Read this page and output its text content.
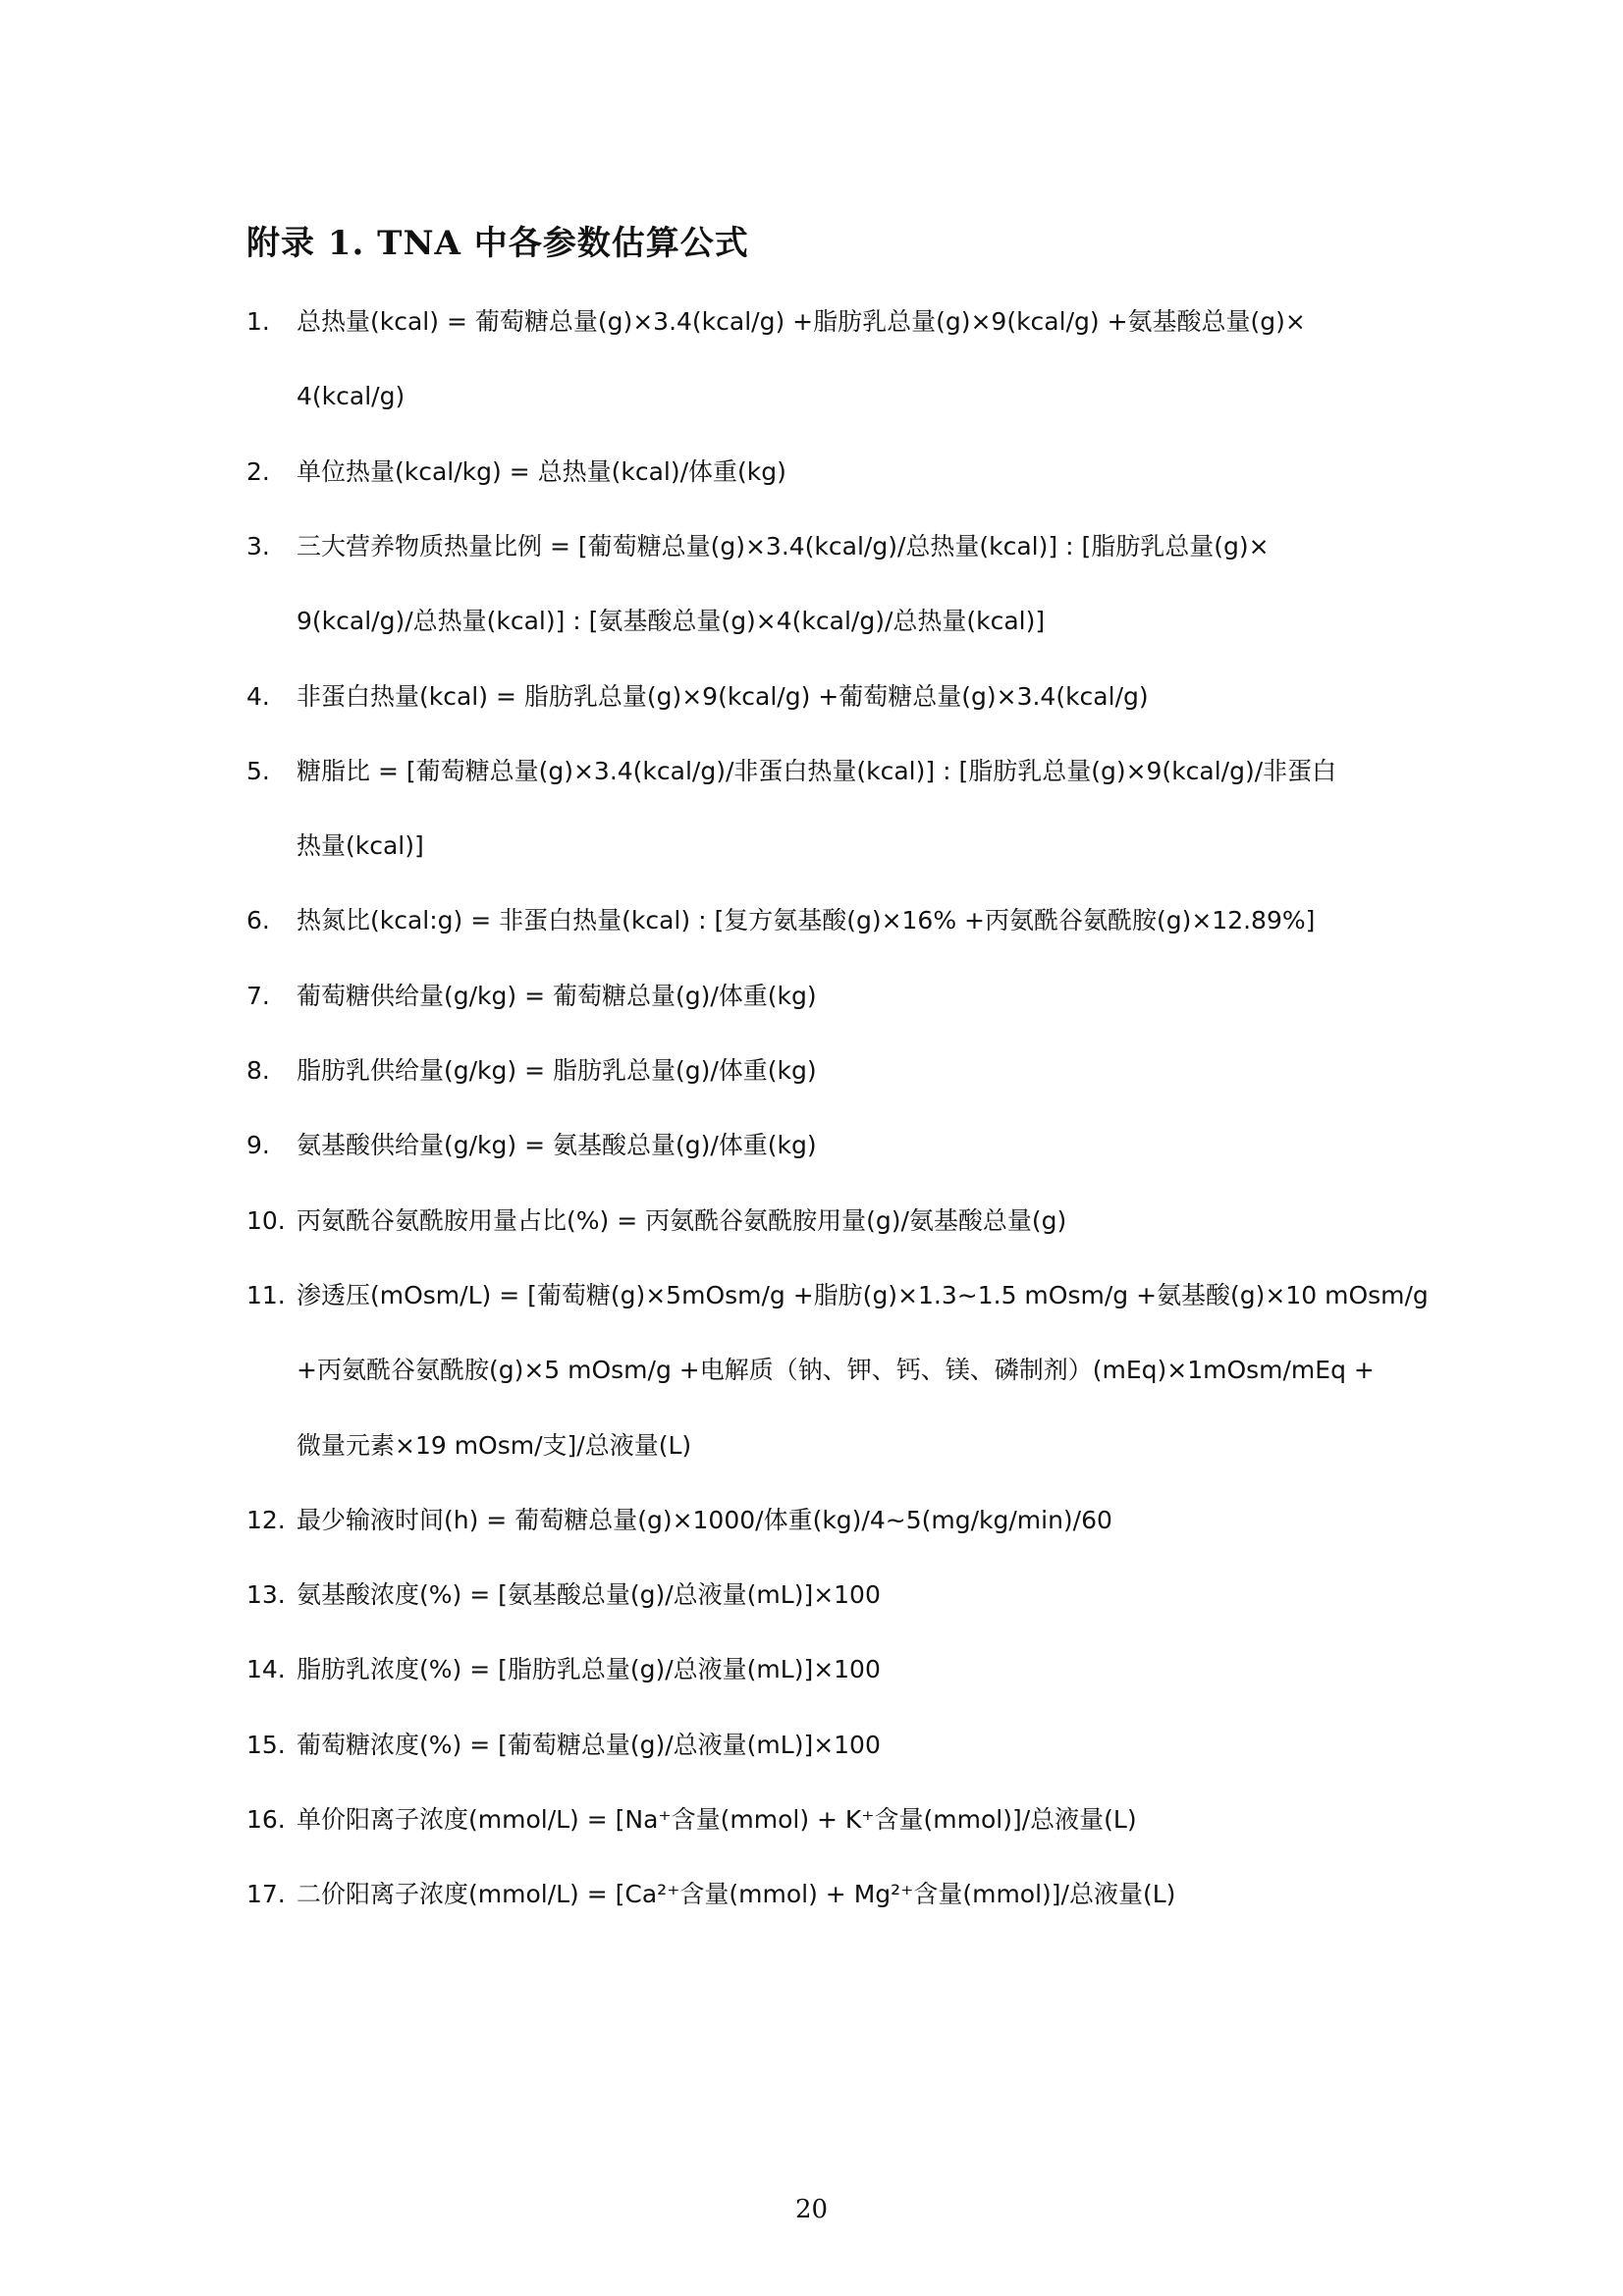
附录 1. TNA 中各参数估算公式
1.	总热量(kcal) = 葡萄糖总量(g)×3.4(kcal/g) +脂肪乳总量(g)×9(kcal/g) +氨基酸总量(g)×
4(kcal/g)
2.	单位热量(kcal/kg) = 总热量(kcal)/体重(kg)
3.	三大营养物质热量比例 = [葡萄糖总量(g)×3.4(kcal/g)/总热量(kcal)] : [脂肪乳总量(g)×
9(kcal/g)/总热量(kcal)] : [氨基酸总量(g)×4(kcal/g)/总热量(kcal)]
4.	非蛋白热量(kcal) = 脂肪乳总量(g)×9(kcal/g) +葡萄糖总量(g)×3.4(kcal/g)
5.	糖脂比 = [葡萄糖总量(g)×3.4(kcal/g)/非蛋白热量(kcal)] : [脂肪乳总量(g)×9(kcal/g)/非蛋白
热量(kcal)]
6.	热氮比(kcal:g) = 非蛋白热量(kcal) : [复方氨基酸(g)×16% +丙氨酰谷氨酰胺(g)×12.89%]
7.	葡萄糖供给量(g/kg) = 葡萄糖总量(g)/体重(kg)
8.	脂肪乳供给量(g/kg) = 脂肪乳总量(g)/体重(kg)
9.	氨基酸供给量(g/kg) = 氨基酸总量(g)/体重(kg)
10. 丙氨酰谷氨酰胺用量占比(%) = 丙氨酰谷氨酰胺用量(g)/氨基酸总量(g)
11. 渗透压(mOsm/L) = [葡萄糖(g)×5mOsm/g +脂肪(g)×1.3~1.5 mOsm/g +氨基酸(g)×10 mOsm/g
+丙氨酰谷氨酰胺(g)×5 mOsm/g +电解质（钠、钾、钙、镁、磷制剂）(mEq)×1mOsm/mEq +
微量元素×19 mOsm/支]/总液量(L)
12. 最少输液时间(h) = 葡萄糖总量(g)×1000/体重(kg)/4~5(mg/kg/min)/60
13. 氨基酸浓度(%) = [氨基酸总量(g)/总液量(mL)]×100
14. 脂肪乳浓度(%) = [脂肪乳总量(g)/总液量(mL)]×100
15. 葡萄糖浓度(%) = [葡萄糖总量(g)/总液量(mL)]×100
16. 单价阳离子浓度(mmol/L) = [Na⁺含量(mmol) + K⁺含量(mmol)]/总液量(L)
17. 二价阳离子浓度(mmol/L) = [Ca²⁺含量(mmol) + Mg²⁺含量(mmol)]/总液量(L)
20
